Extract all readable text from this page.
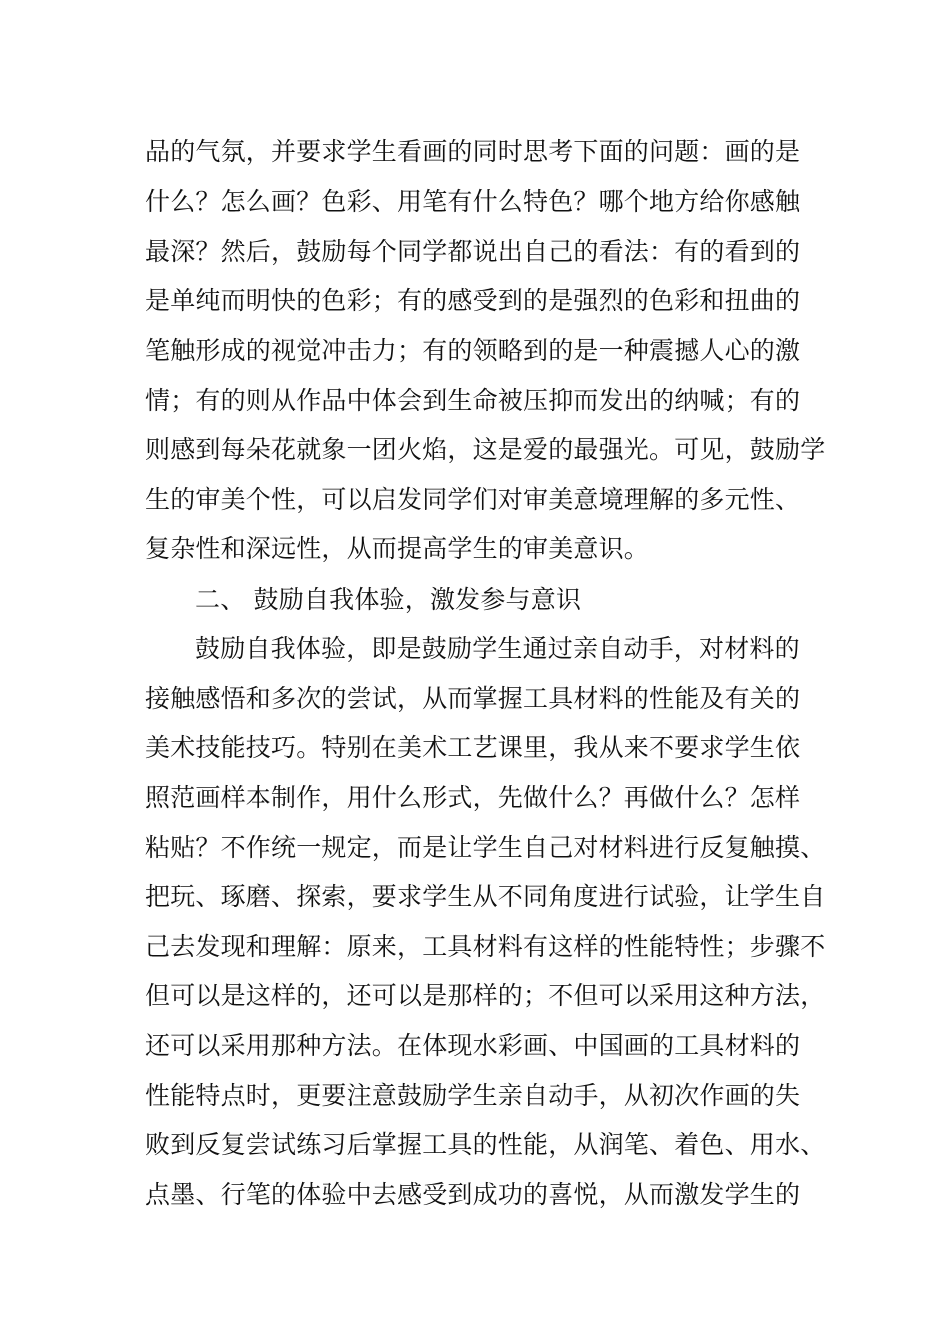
品的气氛，并要求学生看画的同时思考下面的问题：画的是
什么？怎么画？色彩、用笔有什么特色？哪个地方给你感触
最深？然后，鼓励每个同学都说出自己的看法：有的看到的
是单纯而明快的色彩；有的感受到的是强烈的色彩和扭曲的
笔触形成的视觉冲击力；有的领略到的是一种震撼人心的激
情；有的则从作品中体会到生命被压抑而发出的纳喊；有的
则感到每朵花就象一团火焰，这是爱的最强光。可见，鼓励学
生的审美个性，可以启发同学们对审美意境理解的多元性、
复杂性和深远性，从而提高学生的审美意识。
二、 鼓励自我体验，激发参与意识
鼓励自我体验，即是鼓励学生通过亲自动手，对材料的
接触感悟和多次的尝试，从而掌握工具材料的性能及有关的
美术技能技巧。特别在美术工艺课里，我从来不要求学生依
照范画样本制作，用什么形式，先做什么？再做什么？怎样
粘贴？不作统一规定，而是让学生自己对材料进行反复触摸、
把玩、琢磨、探索，要求学生从不同角度进行试验，让学生自
己去发现和理解：原来，工具材料有这样的性能特性；步骤不
但可以是这样的，还可以是那样的；不但可以采用这种方法，
还可以采用那种方法。在体现水彩画、中国画的工具材料的
性能特点时，更要注意鼓励学生亲自动手，从初次作画的失
败到反复尝试练习后掌握工具的性能，从润笔、着色、用水、
点墨、行笔的体验中去感受到成功的喜悦，从而激发学生的
